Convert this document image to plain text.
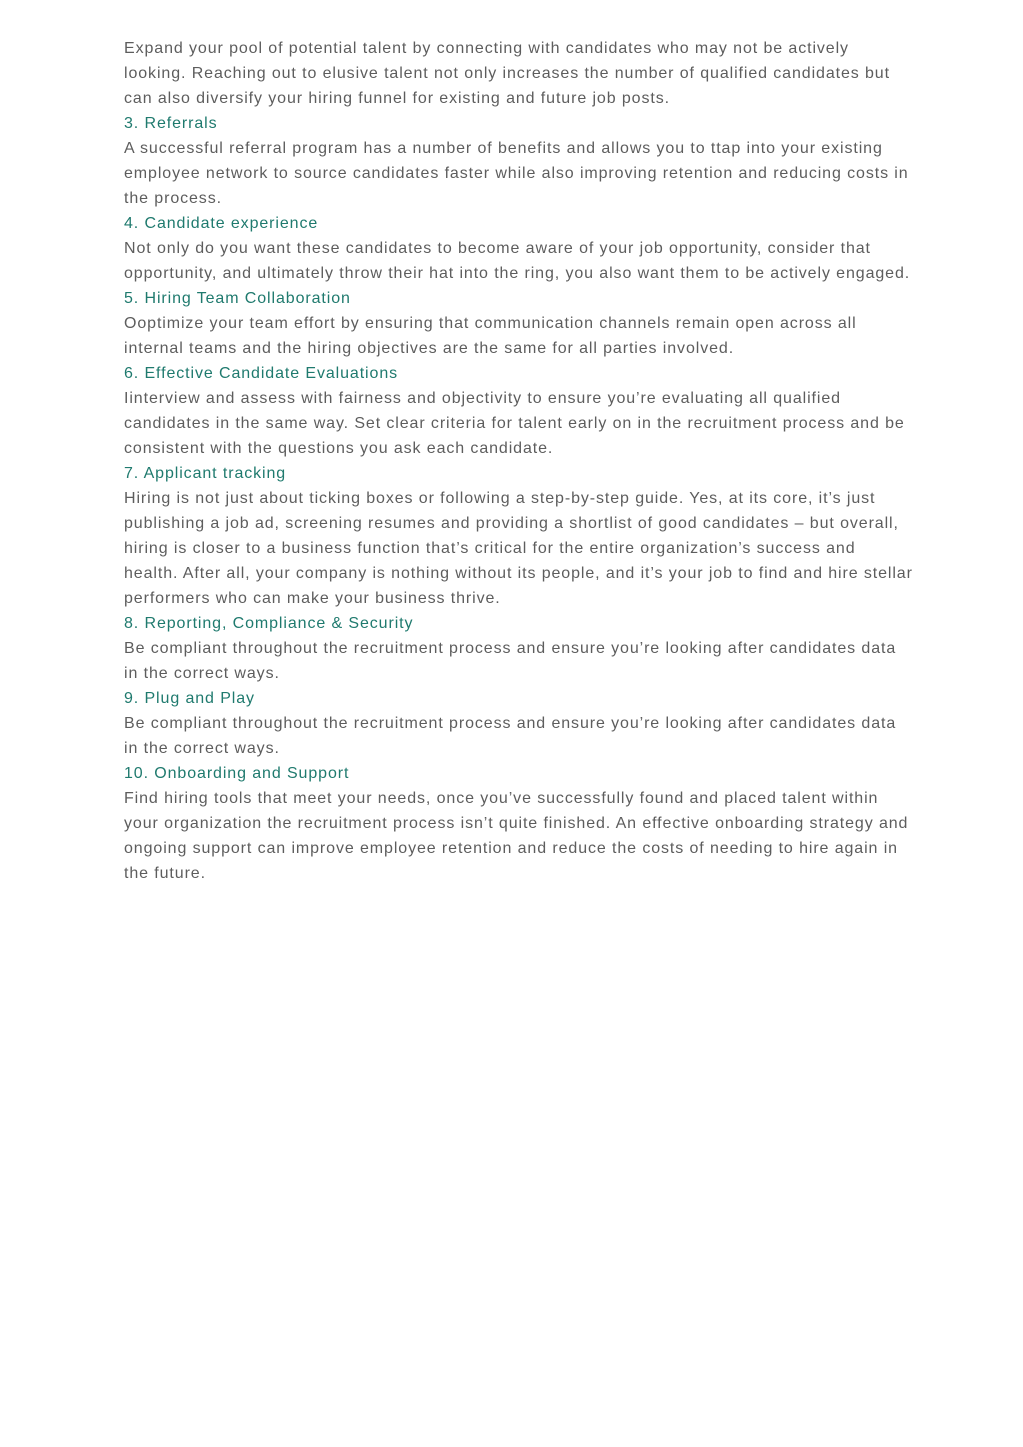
Expand your pool of potential talent by connecting with candidates who may not be actively looking. Reaching out to elusive talent not only increases the number of qualified candidates but can also diversify your hiring funnel for existing and future job posts.

3. Referrals

A successful referral program has a number of benefits and allows you to ttap into your existing employee network to source candidates faster while also improving retention and reducing costs in the process.

4. Candidate experience

Not only do you want these candidates to become aware of your job opportunity, consider that opportunity, and ultimately throw their hat into the ring, you also want them to be actively engaged.

5. Hiring Team Collaboration

Ooptimize your team effort by ensuring that communication channels remain open across all internal teams and the hiring objectives are the same for all parties involved.

6. Effective Candidate Evaluations

Iinterview and assess with fairness and objectivity to ensure you’re evaluating all qualified candidates in the same way. Set clear criteria for talent early on in the recruitment process and be consistent with the questions you ask each candidate.

7. Applicant tracking

Hiring is not just about ticking boxes or following a step-by-step guide. Yes, at its core, it’s just publishing a job ad, screening resumes and providing a shortlist of good candidates – but overall, hiring is closer to a business function that’s critical for the entire organization’s success and health. After all, your company is nothing without its people, and it’s your job to find and hire stellar performers who can make your business thrive.

8. Reporting, Compliance & Security

Be compliant throughout the recruitment process and ensure you’re looking after candidates data in the correct ways.

9. Plug and Play

Be compliant throughout the recruitment process and ensure you’re looking after candidates data in the correct ways.

10. Onboarding and Support

Find hiring tools that meet your needs, once you’ve successfully found and placed talent within your organization the recruitment process isn’t quite finished. An effective onboarding strategy and ongoing support can improve employee retention and reduce the costs of needing to hire again in the future.
